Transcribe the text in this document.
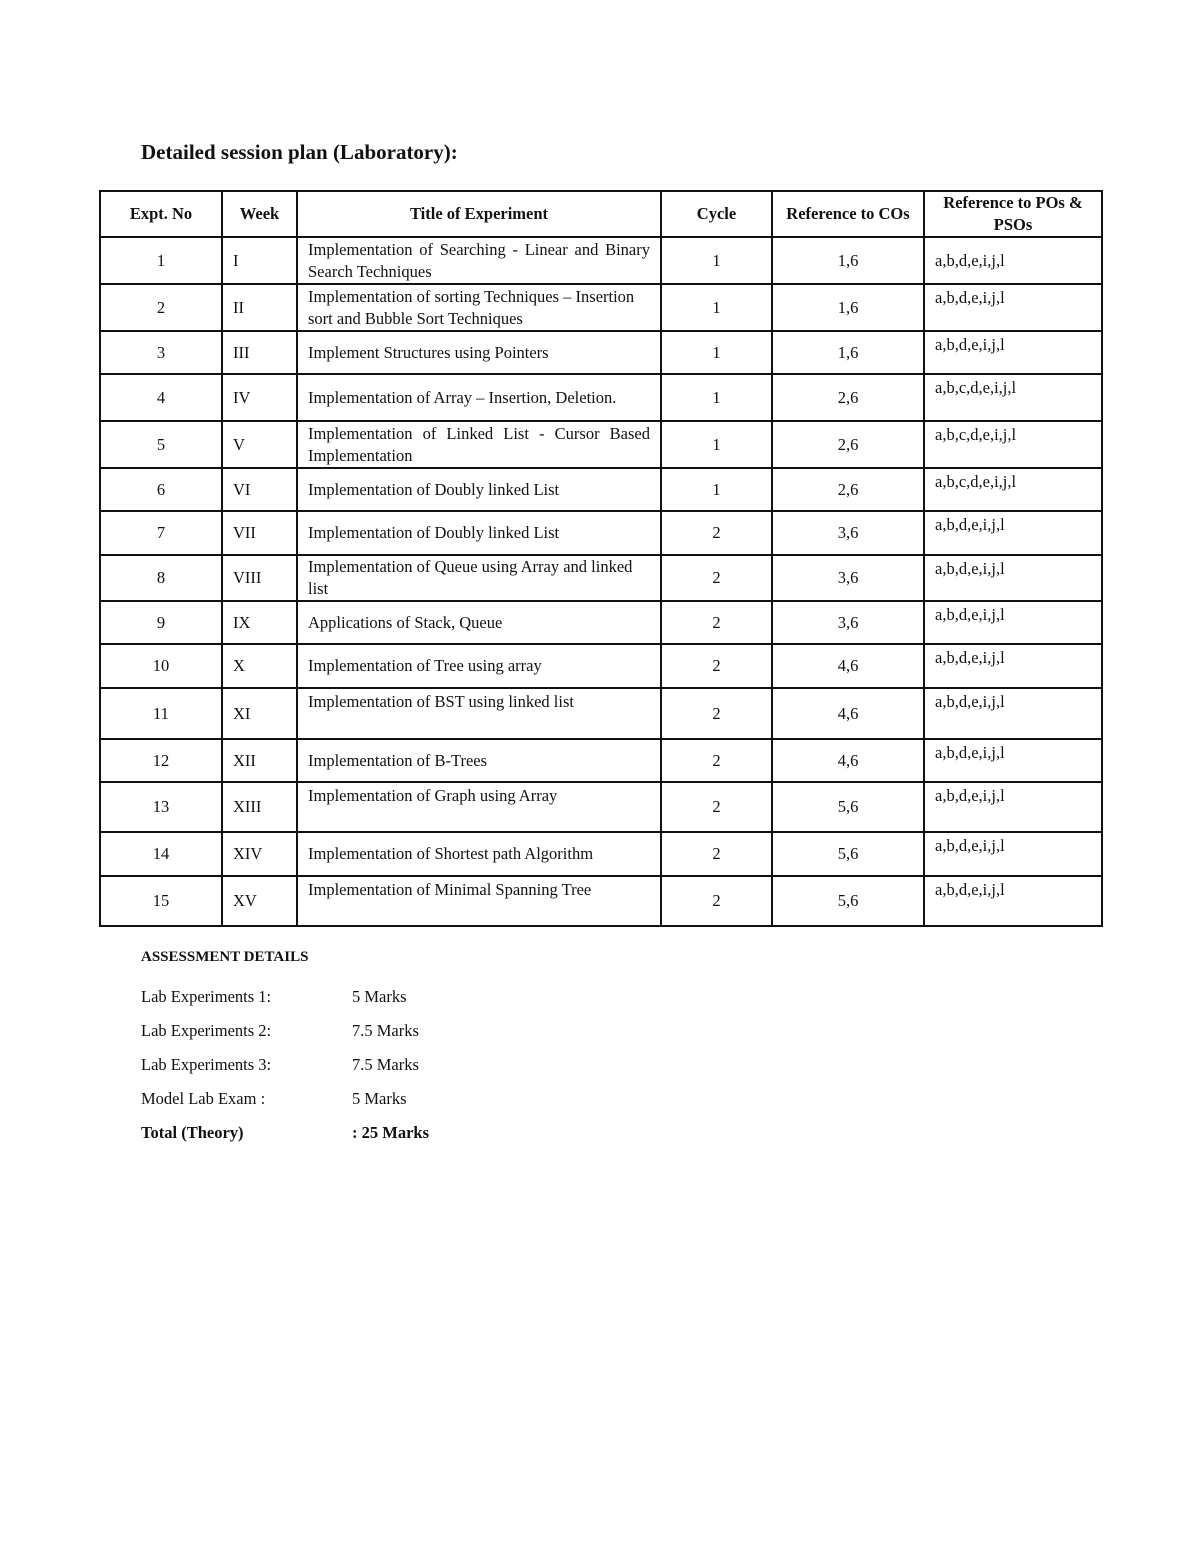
Detailed session plan (Laboratory):
Expt. No	Week	Title of Experiment	Cycle	Reference to COs	Reference to POs & PSOs
1	I	Implementation of Searching - Linear and Binary Search Techniques	1	1,6	a,b,d,e,i,j,l
2	II	Implementation of sorting Techniques – Insertion sort and Bubble Sort Techniques	1	1,6	a,b,d,e,i,j,l
3	III	Implement Structures using Pointers	1	1,6	a,b,d,e,i,j,l
4	IV	Implementation of Array – Insertion, Deletion.	1	2,6	a,b,c,d,e,i,j,l
5	V	Implementation of Linked List - Cursor Based Implementation	1	2,6	a,b,c,d,e,i,j,l
6	VI	Implementation of Doubly linked List	1	2,6	a,b,c,d,e,i,j,l
7	VII	Implementation of Doubly linked List	2	3,6	a,b,d,e,i,j,l
8	VIII	Implementation of Queue using Array and linked list	2	3,6	a,b,d,e,i,j,l
9	IX	Applications of Stack, Queue	2	3,6	a,b,d,e,i,j,l
10	X	Implementation of Tree using array	2	4,6	a,b,d,e,i,j,l
11	XI	Implementation of BST using linked list	2	4,6	a,b,d,e,i,j,l
12	XII	Implementation of B-Trees	2	4,6	a,b,d,e,i,j,l
13	XIII	Implementation of Graph using Array	2	5,6	a,b,d,e,i,j,l
14	XIV	Implementation of Shortest path Algorithm	2	5,6	a,b,d,e,i,j,l
15	XV	Implementation of Minimal Spanning Tree	2	5,6	a,b,d,e,i,j,l
ASSESSMENT DETAILS
Lab Experiments 1:	5 Marks
Lab Experiments 2:	7.5 Marks
Lab Experiments 3:	7.5 Marks
Model Lab Exam :	5 Marks
Total (Theory)	: 25 Marks
